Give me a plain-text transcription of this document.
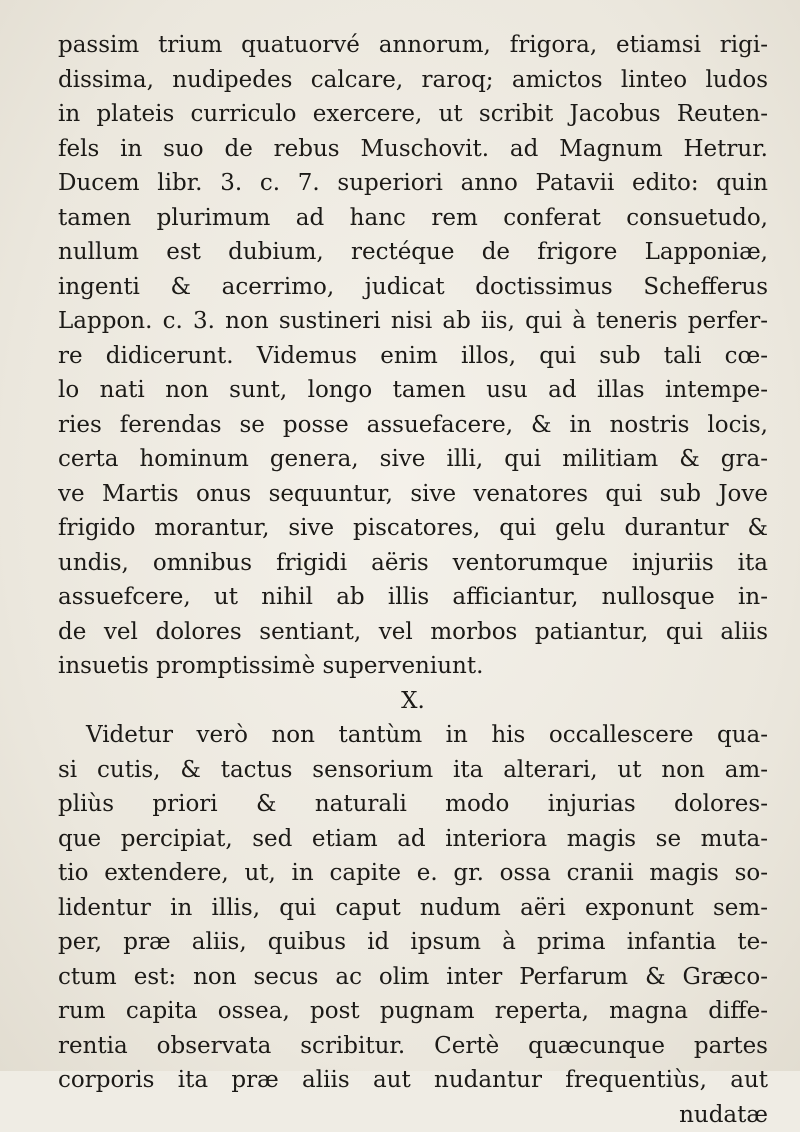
passim trium quatuorvé annorum, frigora, etiamsi rigi-
dissima, nudipedes calcare, raroq; amictos linteo ludos
in plateis curriculo exercere, ut scribit Jacobus Reuten-
fels in suo de rebus Muschovit. ad Magnum Hetrur.
Ducem libr. 3. c. 7. superiori anno Patavii edito: quin
tamen plurimum ad hanc rem conferat consuetudo,
nullum est dubium, rectéque de frigore Lapponiæ,
ingenti & acerrimo, judicat doctissimus Schefferus
Lappon. c. 3. non sustineri nisi ab iis, qui à teneris perfer-
re didicerunt. Videmus enim illos, qui sub tali cœ-
lo nati non sunt, longo tamen usu ad illas intempe-
ries ferendas se posse assuefacere, & in nostris locis,
certa hominum genera, sive illi, qui militiam & gra-
ve Martis onus sequuntur, sive venatores qui sub Jove
frigido morantur, sive piscatores, qui gelu durantur &
undis, omnibus frigidi aëris ventorumque injuriis ita
assuefcere, ut nihil ab illis afficiantur, nullosque in-
de vel dolores sentiant, vel morbos patiantur, qui aliis
insuetis promptissimè superveniunt.
X.
Videtur verò non tantùm in his occallescere qua-
si cutis, & tactus sensorium ita alterari, ut non am-
pliùs priori & naturali modo injurias dolores-
que percipiat, sed etiam ad interiora magis se muta-
tio extendere, ut, in capite e. gr. ossa cranii magis so-
lidentur in illis, qui caput nudum aëri exponunt sem-
per, præ aliis, quibus id ipsum à prima infantia te-
ctum est: non secus ac olim inter Perfarum & Græco-
rum capita ossea, post pugnam reperta, magna diffe-
rentia observata scribitur. Certè quæcunque partes
corporis ita præ aliis aut nudantur frequentiùs, aut
nudatæ
